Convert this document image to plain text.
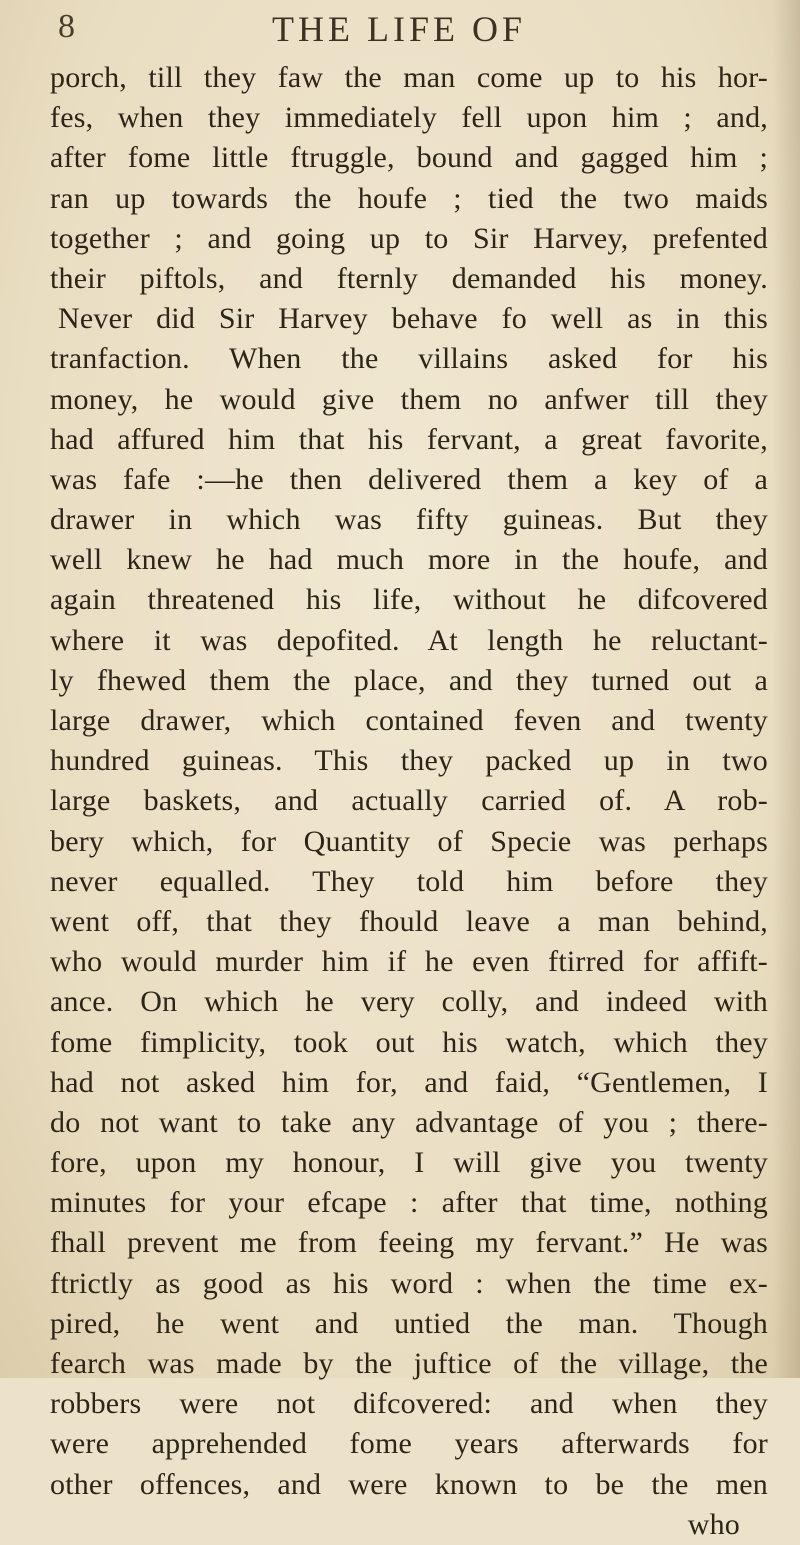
8	THE LIFE OF
porch, till they faw the man come up to his hor-
fes, when they immediately fell upon him ; and,
after fome little ftruggle, bound and gagged him ;
ran up towards the houfe ; tied the two maids
together ; and going up to Sir Harvey, prefented
their piftols, and fternly demanded his money.
Never did Sir Harvey behave fo well as in this
tranfaction. When the villains asked for his
money, he would give them no anfwer till they
had affured him that his fervant, a great favorite,
was fafe :—he then delivered them a key of a
drawer in which was fifty guineas. But they
well knew he had much more in the houfe, and
again threatened his life, without he difcovered
where it was depofited. At length he reluctant-
ly fhewed them the place, and they turned out a
large drawer, which contained feven and twenty
hundred guineas. This they packed up in two
large baskets, and actually carried of. A rob-
bery which, for Quantity of Specie was perhaps
never equalled. They told him before they
went off, that they fhould leave a man behind,
who would murder him if he even ftirred for affift-
ance. On which he very colly, and indeed with
fome fimplicity, took out his watch, which they
had not asked him for, and faid, “Gentlemen, I
do not want to take any advantage of you ; there-
fore, upon my honour, I will give you twenty
minutes for your efcape : after that time, nothing
fhall prevent me from feeing my fervant.” He was
ftrictly as good as his word : when the time ex-
pired, he went and untied the man. Though
fearch was made by the juftice of the village, the
robbers were not difcovered: and when they
were apprehended fome years afterwards for
other offences, and were known to be the men
who
